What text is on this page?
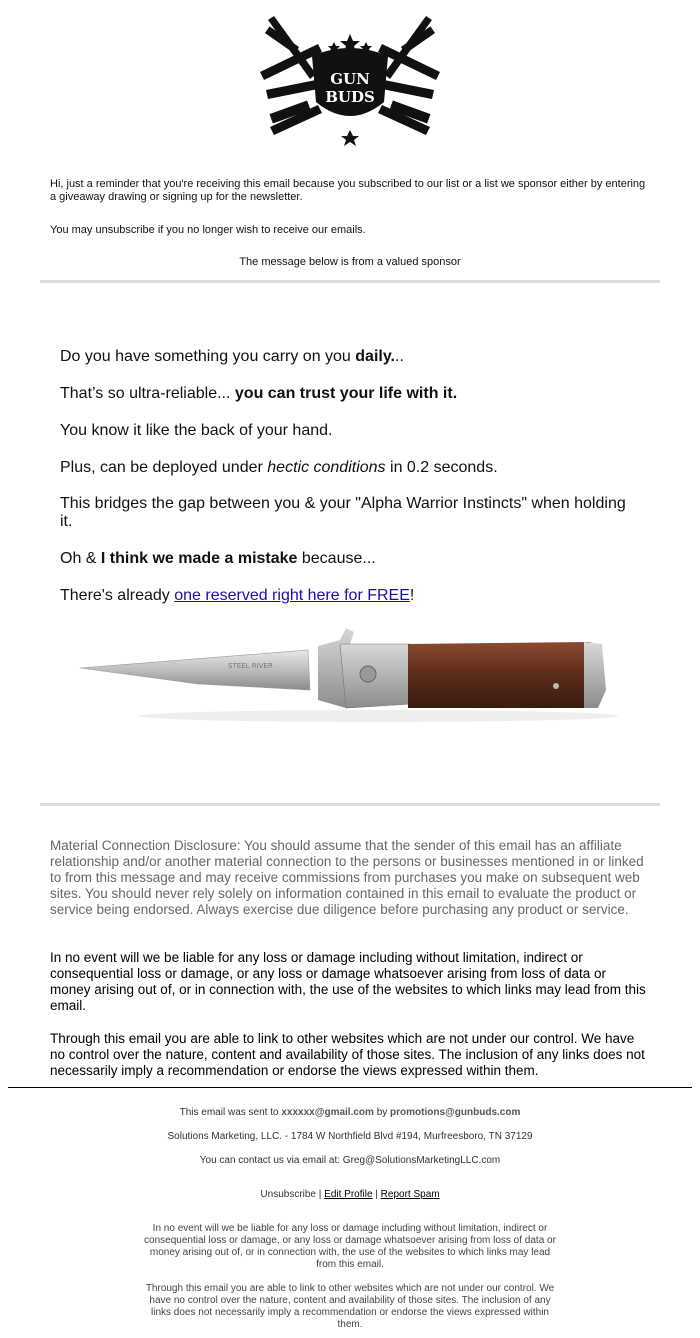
GUN
BUDS
Hi, just a reminder that you're receiving this email because you subscribed to our list or a list we sponsor either by entering a giveaway drawing or signing up for the newsletter.
You may unsubscribe if you no longer wish to receive our emails.
The message below is from a valued sponsor
Do you have something you carry on you daily...
That’s so ultra-reliable... you can trust your life with it.
You know it like the back of your hand.
Plus, can be deployed under hectic conditions in 0.2 seconds.
This bridges the gap between you & your "Alpha Warrior Instincts" when holding it.
Oh & I think we made a mistake because...
There's already one reserved right here for FREE!
STEEL RIVER
Material Connection Disclosure: You should assume that the sender of this email has an affiliate relationship and/or another material connection to the persons or businesses mentioned in or linked to from this message and may receive commissions from purchases you make on subsequent web sites. You should never rely solely on information contained in this email to evaluate the product or service being endorsed. Always exercise due diligence before purchasing any product or service.
In no event will we be liable for any loss or damage including without limitation, indirect or consequential loss or damage, or any loss or damage whatsoever arising from loss of data or money arising out of, or in connection with, the use of the websites to which links may lead from this email.
Through this email you are able to link to other websites which are not under our control. We have no control over the nature, content and availability of those sites. The inclusion of any links does not necessarily imply a recommendation or endorse the views expressed within them.
This email was sent to xxxxxx@gmail.com by promotions@gunbuds.com
Solutions Marketing, LLC. - 1784 W Northfield Blvd #194, Murfreesboro, TN 37129
You can contact us via email at: Greg@SolutionsMarketingLLC.com
Unsubscribe | Edit Profile | Report Spam
In no event will we be liable for any loss or damage including without limitation, indirect or consequential loss or damage, or any loss or damage whatsoever arising from loss of data or money arising out of, or in connection with, the use of the websites to which links may lead from this email.
Through this email you are able to link to other websites which are not under our control. We have no control over the nature, content and availability of those sites. The inclusion of any links does not necessarily imply a recommendation or endorse the views expressed within them.
